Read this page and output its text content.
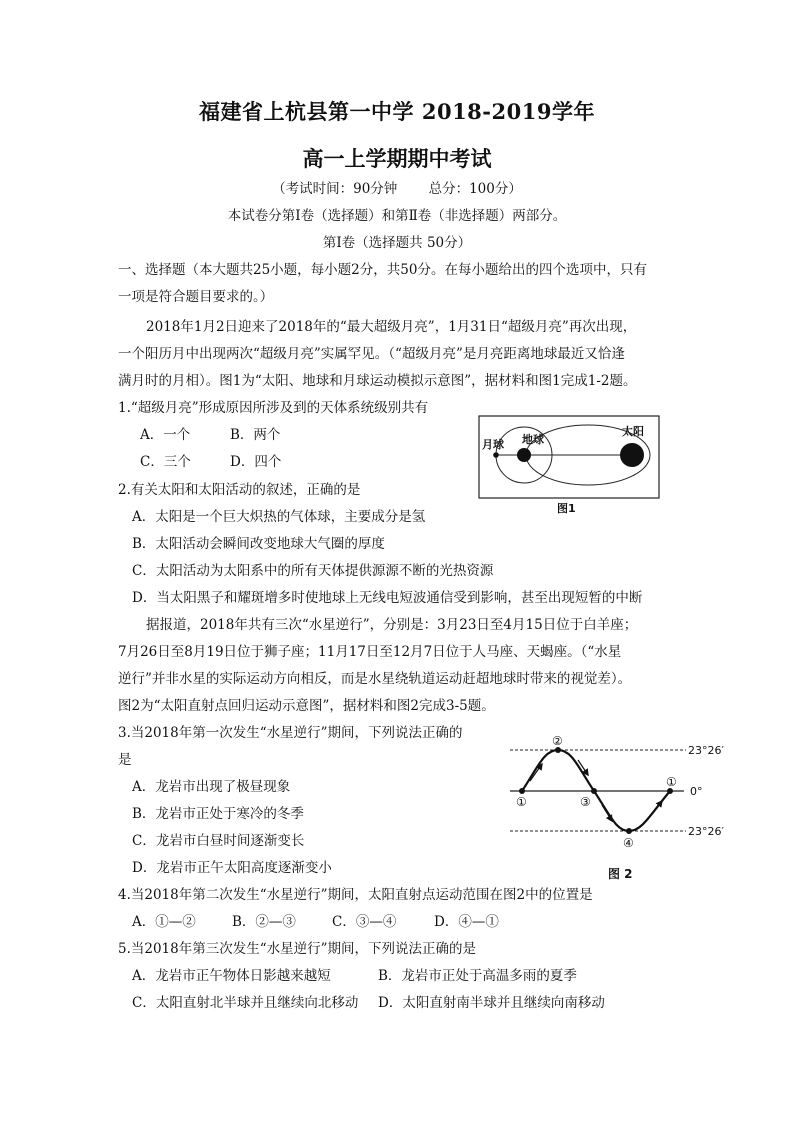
福建省上杭县第一中学 2018-2019学年
高一上学期期中考试
（考试时间：90分钟　　 总分：100分）
本试卷分第Ⅰ卷（选择题）和第Ⅱ卷（非选择题）两部分。
第Ⅰ卷（选择题共 50分）
一、选择题（本大题共25小题，每小题2分，共50分。在每小题给出的四个选项中，只有
一项是符合题目要求的。）
2018年1月2日迎来了2018年的“最大超级月亮”，1月31日“超级月亮”再次出现，
一个阳历月中出现两次“超级月亮”实属罕见。（“超级月亮”是月亮距离地球最近又恰逢
满月时的月相）。图1为“太阳、地球和月球运动模拟示意图”，据材料和图1完成1-2题。
1.“超级月亮”形成原因所涉及到的天体系统级别共有
A．一个	B．两个
C．三个	D．四个
月球 地球
太阳
图1
2.有关太阳和太阳活动的叙述，正确的是
A．太阳是一个巨大炽热的气体球，主要成分是氢
B．太阳活动会瞬间改变地球大气圈的厚度
C．太阳活动为太阳系中的所有天体提供源源不断的光热资源
D．当太阳黑子和耀斑增多时使地球上无线电短波通信受到影响，甚至出现短暂的中断
据报道，2018年共有三次“水星逆行”，分别是：3月23日至4月15日位于白羊座；
7月26日至8月19日位于狮子座；11月17日至12月7日位于人马座、天蝎座。（“水星
逆行”并非水星的实际运动方向相反，而是水星绕轨道运动赶超地球时带来的视觉差）。
图2为“太阳直射点回归运动示意图”，据材料和图2完成3-5题。
3.当2018年第一次发生“水星逆行”期间，下列说法正确的
是
A．龙岩市出现了极昼现象
B．龙岩市正处于寒冷的冬季
C．龙岩市白昼时间逐渐变长
D．龙岩市正午太阳高度逐渐变小
①
②
③
④
①
23°26′
0°
23°26′
图 2
4.当2018年第二次发生“水星逆行”期间，太阳直射点运动范围在图2中的位置是
A．①—②	B．②—③	C．③—④	D．④—①
5.当2018年第三次发生“水星逆行”期间，下列说法正确的是
A．龙岩市正午物体日影越来越短	B．龙岩市正处于高温多雨的夏季
C．太阳直射北半球并且继续向北移动 D．太阳直射南半球并且继续向南移动
